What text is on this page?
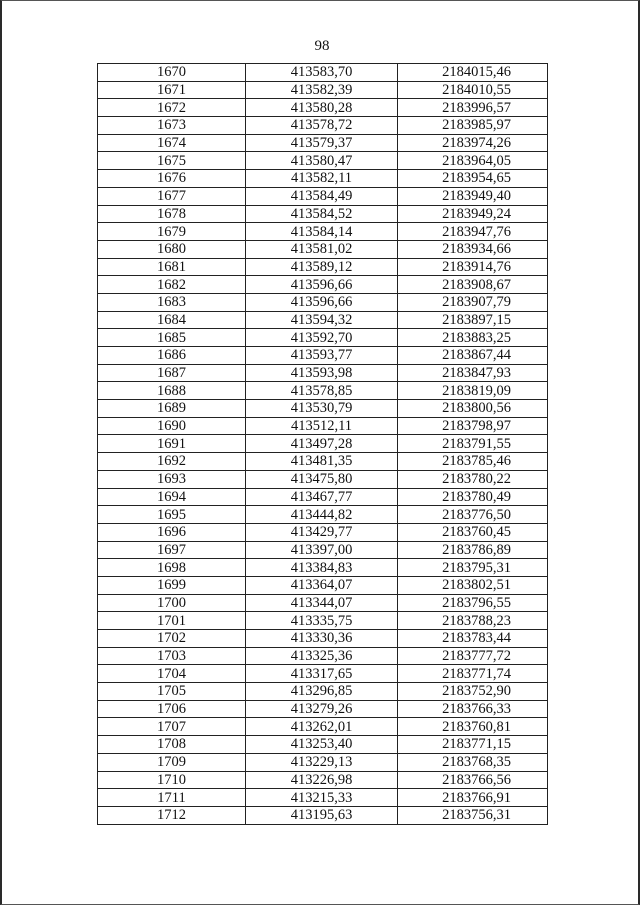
98
1670	413583,70	2184015,46
1671	413582,39	2184010,55
1672	413580,28	2183996,57
1673	413578,72	2183985,97
1674	413579,37	2183974,26
1675	413580,47	2183964,05
1676	413582,11	2183954,65
1677	413584,49	2183949,40
1678	413584,52	2183949,24
1679	413584,14	2183947,76
1680	413581,02	2183934,66
1681	413589,12	2183914,76
1682	413596,66	2183908,67
1683	413596,66	2183907,79
1684	413594,32	2183897,15
1685	413592,70	2183883,25
1686	413593,77	2183867,44
1687	413593,98	2183847,93
1688	413578,85	2183819,09
1689	413530,79	2183800,56
1690	413512,11	2183798,97
1691	413497,28	2183791,55
1692	413481,35	2183785,46
1693	413475,80	2183780,22
1694	413467,77	2183780,49
1695	413444,82	2183776,50
1696	413429,77	2183760,45
1697	413397,00	2183786,89
1698	413384,83	2183795,31
1699	413364,07	2183802,51
1700	413344,07	2183796,55
1701	413335,75	2183788,23
1702	413330,36	2183783,44
1703	413325,36	2183777,72
1704	413317,65	2183771,74
1705	413296,85	2183752,90
1706	413279,26	2183766,33
1707	413262,01	2183760,81
1708	413253,40	2183771,15
1709	413229,13	2183768,35
1710	413226,98	2183766,56
1711	413215,33	2183766,91
1712	413195,63	2183756,31
